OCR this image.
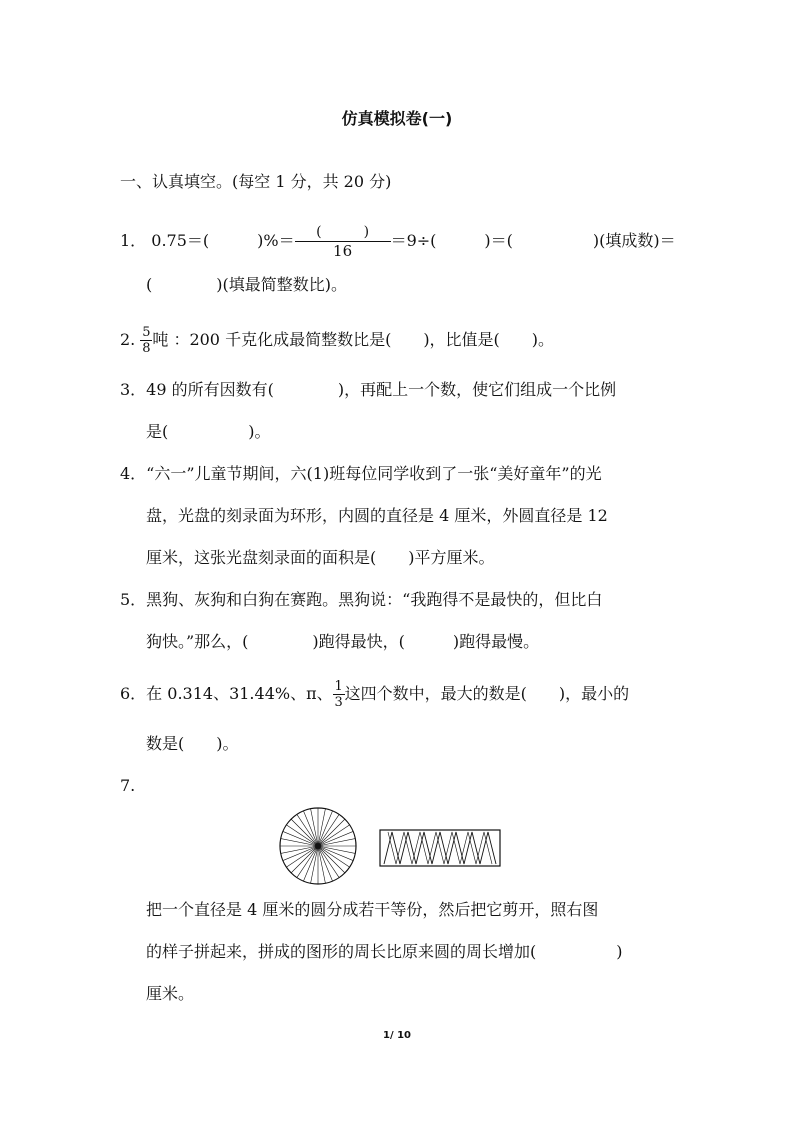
仿真模拟卷(一)
一、认真填空。(每空 1 分，共 20 分)
1． 0.75＝(　　　)%＝ $\frac{( )}{16} =9\div$(　　　)＝(　　　　　)(填成数)＝
(　　　　)(填最简整数比)。
2. $\frac{5}{8}$ 吨 ：200 千克化成最简整数比是(　　)，比值是(　　)。
3．49 的所有因数有(　　　　)，再配上一个数，使它们组成一个比例
是(　　　　　)。
4．“六一”儿童节期间，六(1)班每位同学收到了一张“美好童年”的光
盘，光盘的刻录面为环形，内圆的直径是 4 厘米，外圆直径是 12
厘米，这张光盘刻录面的面积是(　　)平方厘米。
5．黑狗、灰狗和白狗在赛跑。黑狗说：“我跑得不是最快的，但比白
狗快。”那么，(　　　　)跑得最快，(　　　)跑得最慢。
6．在 0.314、31.44%、π、 $\frac{1}{3}$ 这四个数中，最大的数是(　　)，最小的
数是(　　)。
7.
把一个直径是 4 厘米的圆分成若干等份，然后把它剪开，照右图
的样子拼起来，拼成的图形的周长比原来圆的周长增加(　　　　　)
厘米。
1/ 10
